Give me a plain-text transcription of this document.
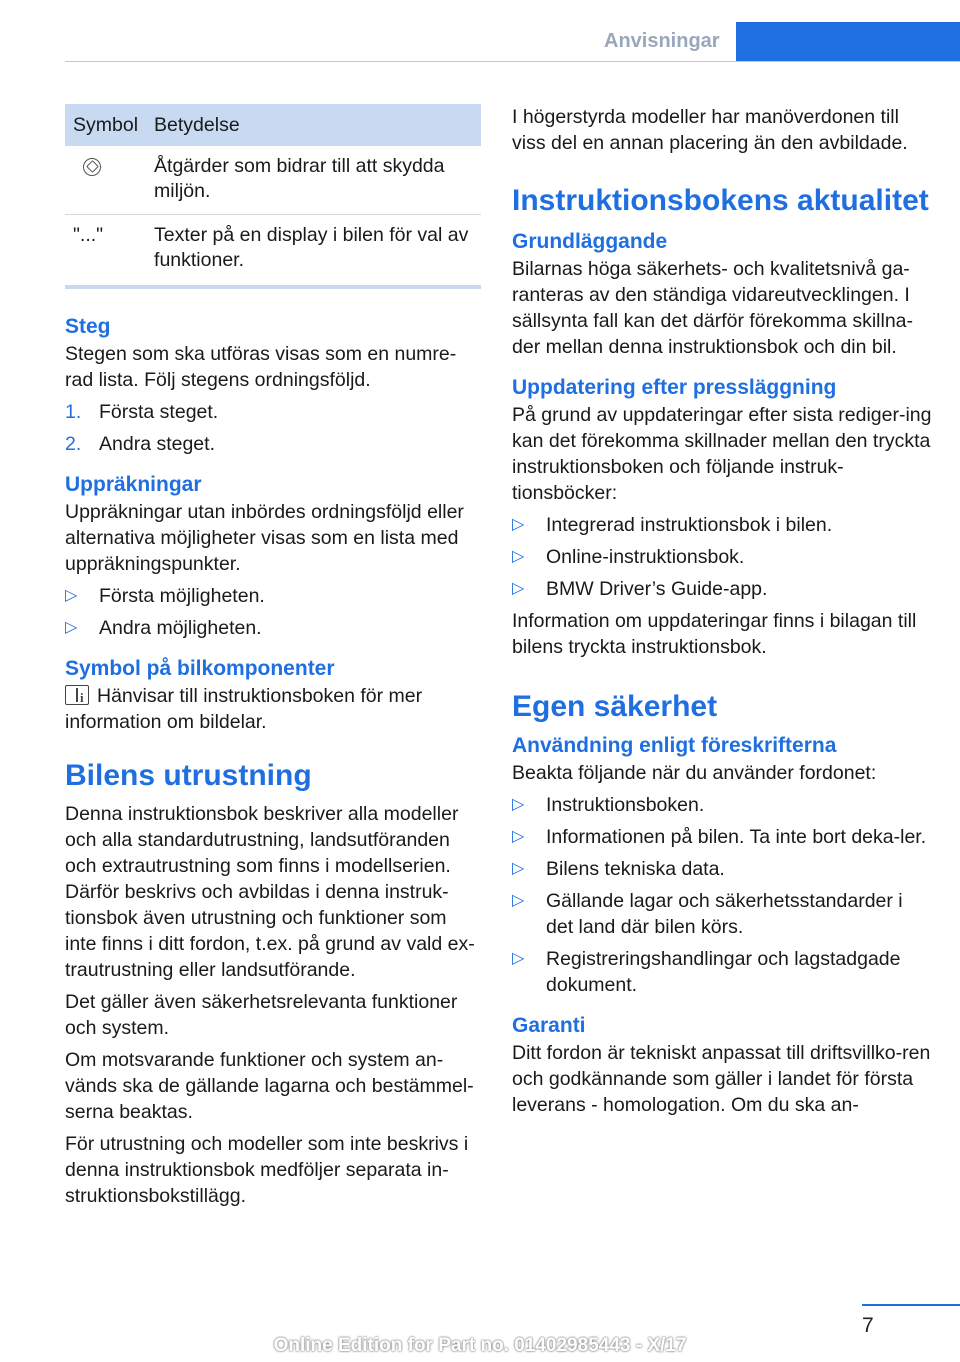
Anvisningar
Symbol	Betydelse
	Åtgärder som bidrar till att skydda miljön.
"..."	Texter på en display i bilen för val av funktioner.
Steg

Stegen som ska utföras visas som en numre-rad lista. Följ stegens ordningsföljd.

1. Första steget.
2. Andra steget.
Uppräkningar

Uppräkningar utan inbördes ordningsföljd eller alternativa möjligheter visas som en lista med uppräkningspunkter.

▷ Första möjligheten.
▷ Andra möjligheten.
Symbol på bilkomponenter

iHänvisar till instruktionsboken för mer information om bildelar.

Bilens utrustning

Denna instruktionsbok beskriver alla modeller och alla standardutrustning, landsutföranden och extrautrustning som finns i modellserien. Därför beskrivs och avbildas i denna instruk-tionsbok även utrustning och funktioner som inte finns i ditt fordon, t.ex. på grund av vald ex-trautrustning eller landsutförande.

Det gäller även säkerhetsrelevanta funktioner och system.

Om motsvarande funktioner och system an-vänds ska de gällande lagarna och bestämmel-serna beaktas.

För utrustning och modeller som inte beskrivs i denna instruktionsbok medföljer separata in-struktionsbokstillägg.

I högerstyrda modeller har manöverdonen till viss del en annan placering än den avbildade.

Instruktionsbokens aktualitet
Grundläggande

Bilarnas höga säkerhets- och kvalitetsnivå ga-ranteras av den ständiga vidareutvecklingen. I sällsynta fall kan det därför förekomma skillna-der mellan denna instruktionsbok och din bil.

Uppdatering efter pressläggning

På grund av uppdateringar efter sista rediger-ing kan det förekomma skillnader mellan den tryckta instruktionsboken och följande instruk-tionsböcker:

▷ Integrerad instruktionsbok i bilen.
▷ Online-instruktionsbok.
▷ BMW Driver’s Guide-app.

Information om uppdateringar finns i bilagan till bilens tryckta instruktionsbok.

Egen säkerhet
Användning enligt föreskrifterna

Beakta följande när du använder fordonet:

▷ Instruktionsboken.
▷ Informationen på bilen. Ta inte bort deka-ler.
▷ Bilens tekniska data.
▷ Gällande lagar och säkerhetsstandarder i det land där bilen körs.
▷ Registreringshandlingar och lagstadgade dokument.
Garanti

Ditt fordon är tekniskt anpassat till driftsvillko-ren och godkännande som gäller i landet för första leverans - homologation. Om du ska an-

7
Online Edition for Part no. 01402985443 - X/17
